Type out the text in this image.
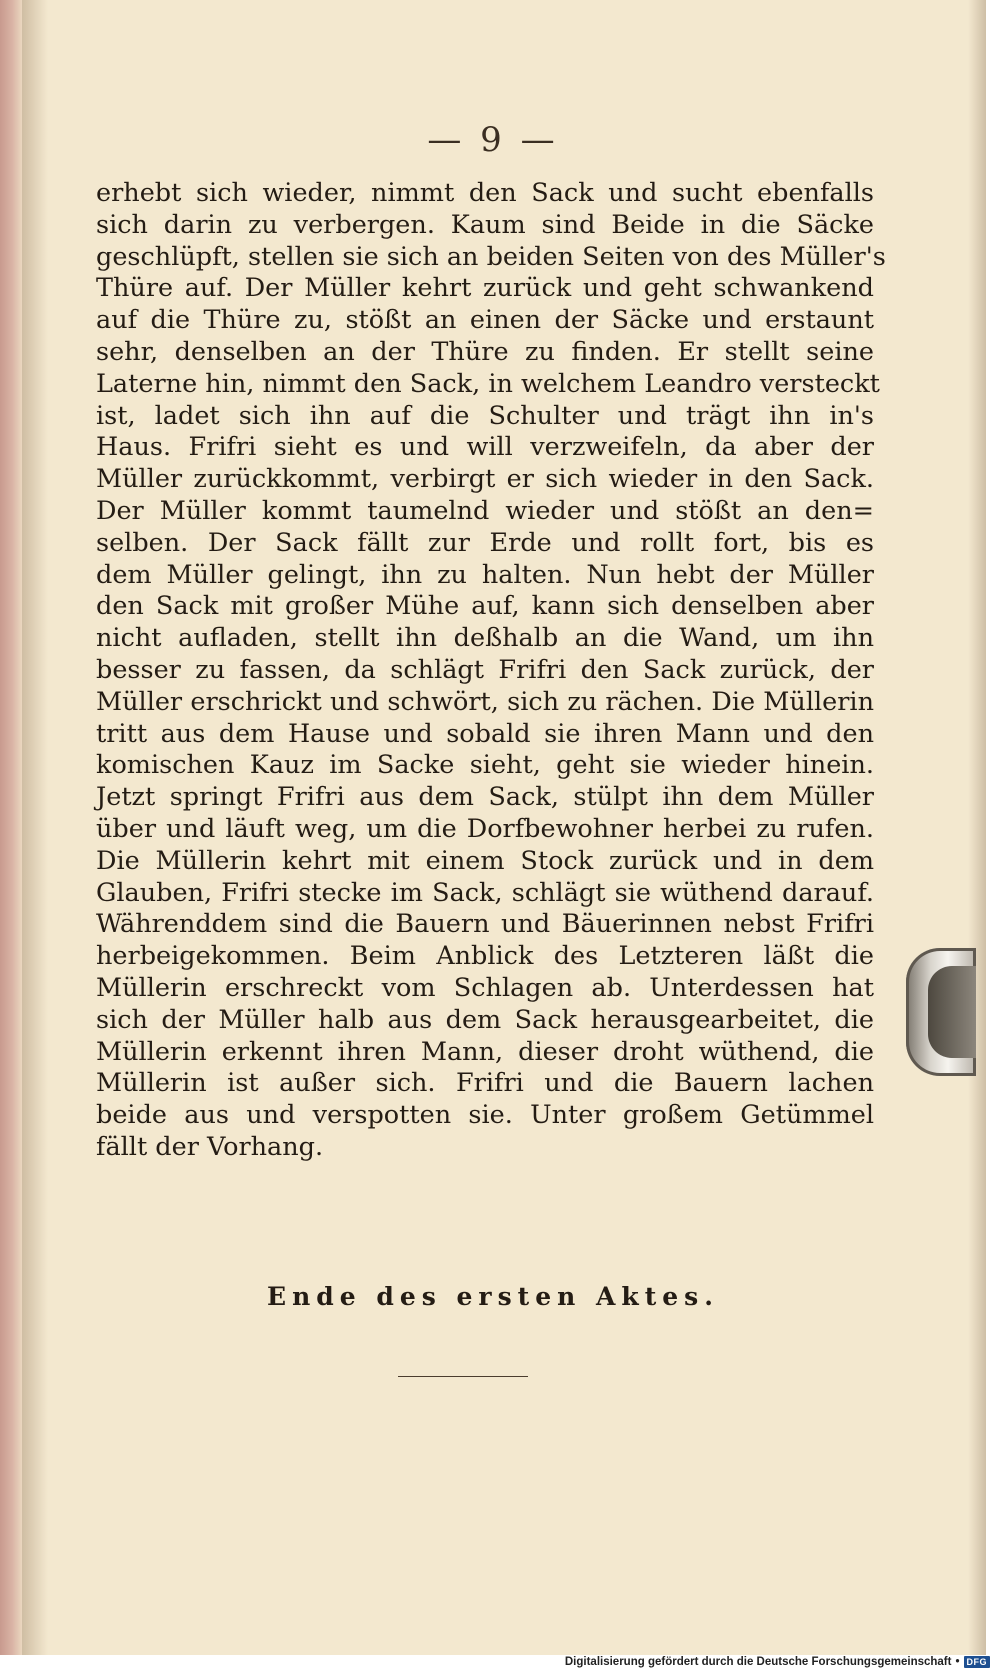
— 9 —
erhebt sich wieder, nimmt den Sack und sucht ebenfalls
sich darin zu verbergen. Kaum sind Beide in die Säcke
geschlüpft, stellen sie sich an beiden Seiten von des Müller's
Thüre auf. Der Müller kehrt zurück und geht schwankend
auf die Thüre zu, stößt an einen der Säcke und erstaunt
sehr, denselben an der Thüre zu finden. Er stellt seine
Laterne hin, nimmt den Sack, in welchem Leandro versteckt
ist, ladet sich ihn auf die Schulter und trägt ihn in's
Haus. Frifri sieht es und will verzweifeln, da aber der
Müller zurückkommt, verbirgt er sich wieder in den Sack.
Der Müller kommt taumelnd wieder und stößt an den=
selben. Der Sack fällt zur Erde und rollt fort, bis es
dem Müller gelingt, ihn zu halten. Nun hebt der Müller
den Sack mit großer Mühe auf, kann sich denselben aber
nicht aufladen, stellt ihn deßhalb an die Wand, um ihn
besser zu fassen, da schlägt Frifri den Sack zurück, der
Müller erschrickt und schwört, sich zu rächen. Die Müllerin
tritt aus dem Hause und sobald sie ihren Mann und den
komischen Kauz im Sacke sieht, geht sie wieder hinein.
Jetzt springt Frifri aus dem Sack, stülpt ihn dem Müller
über und läuft weg, um die Dorfbewohner herbei zu rufen.
Die Müllerin kehrt mit einem Stock zurück und in dem
Glauben, Frifri stecke im Sack, schlägt sie wüthend darauf.
Währenddem sind die Bauern und Bäuerinnen nebst Frifri
herbeigekommen. Beim Anblick des Letzteren läßt die
Müllerin erschreckt vom Schlagen ab. Unterdessen hat
sich der Müller halb aus dem Sack herausgearbeitet, die
Müllerin erkennt ihren Mann, dieser droht wüthend, die
Müllerin ist außer sich. Frifri und die Bauern lachen
beide aus und verspotten sie. Unter großem Getümmel
fällt der Vorhang.
Ende des ersten Aktes.
Digitalisierung gefördert durch die Deutsche Forschungsgemeinschaft • DFG
